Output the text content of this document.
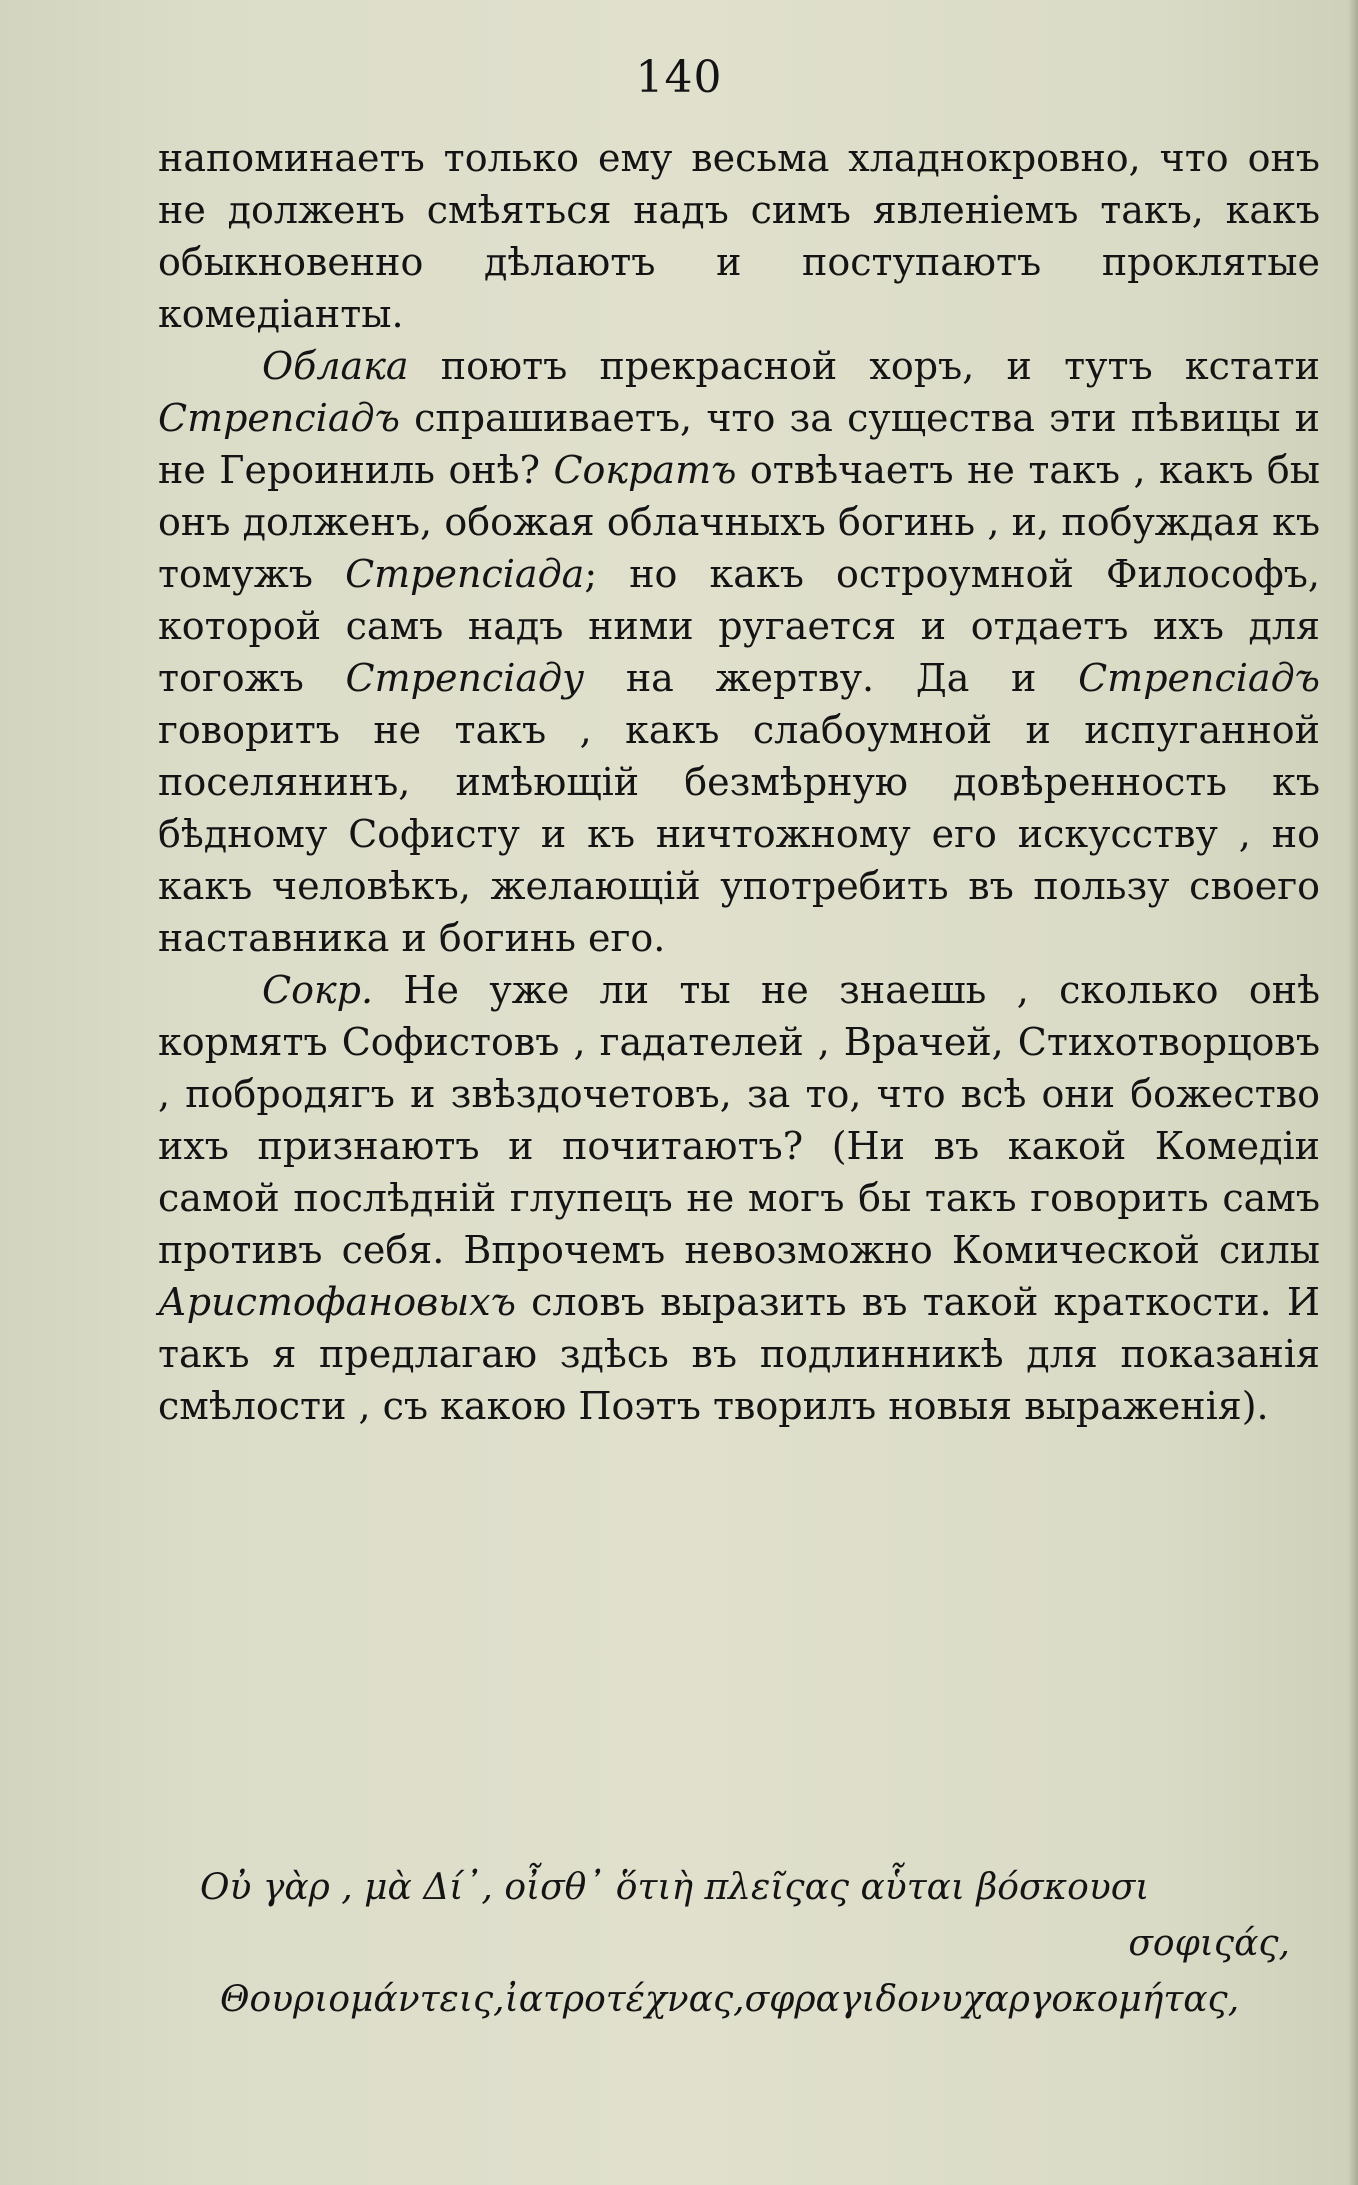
140

напоминаетъ только ему весьма хладнокровно, что онъ не долженъ смѣяться надъ симъ явленіемъ такъ, какъ обыкновенно дѣлаютъ и поступаютъ проклятые комедіанты.

Облака поютъ прекрасной хоръ, и тутъ кстати Стрепсіадъ спрашиваетъ, что за существа эти пѣвицы и не Героиниль онѣ? Сократъ отвѣчаетъ не такъ , какъ бы онъ долженъ, обожая облачныхъ богинь , и, побуждая къ томужъ Стрепсіада; но какъ остроумной Философъ, которой самъ надъ ними ругается и отдаетъ ихъ для тогожъ Стрепсіаду на жертву. Да и Стрепсіадъ говоритъ не такъ , какъ слабоумной и испуганной поселянинъ, имѣющій безмѣрную довѣренность къ бѣдному Софисту и къ ничтожному его искусству , но какъ человѣкъ, желающій употребить въ пользу своего наставника и богинь его.

Сокр. Не уже ли ты не знаешь , сколько онѣ кормятъ Софистовъ , гадателей , Врачей, Стихотворцовъ , побродягъ и звѣздочетовъ, за то, что всѣ они божество ихъ признаютъ и почитаютъ? (Ни въ какой Комедіи самой послѣдній глупецъ не могъ бы такъ говорить самъ противъ себя. Впрочемъ невозможно Комической силы Аристофановыхъ словъ выразить въ такой краткости. И такъ я предлагаю здѣсь въ подлинникѣ для показанія смѣлости , съ какою Поэтъ творилъ новыя выраженія).

Οὐ γὰρ , μὰ Δί᾽, οἶσθ᾽ ὅτιὴ πλεῖςας αὗται βόσκουσι
σοφιςάς,
Θουριομάντεις,ἰατροτέχνας,σφραγιδονυχαργοκομήτας,
